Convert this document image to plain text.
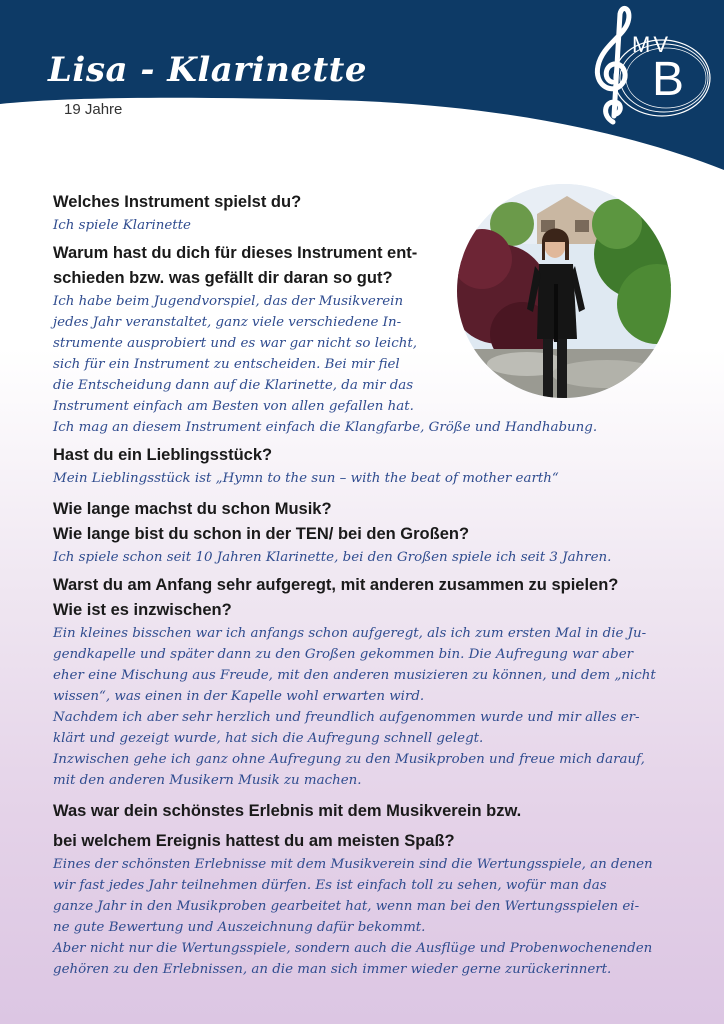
Lisa - Klarinette
19 Jahre
MV
B

Welches Instrument spielst du?

Ich spiele Klarinette

Warum hast du dich für dieses Instrument ent-

schieden bzw. was gefällt dir daran so gut?

Ich habe beim Jugendvorspiel, das der Musikverein

jedes Jahr veranstaltet, ganz viele verschiedene In-

strumente ausprobiert und es war gar nicht so leicht,

sich für ein Instrument zu entscheiden. Bei mir fiel

die Entscheidung dann auf die Klarinette, da mir das

Instrument einfach am Besten von allen gefallen hat.

Ich mag an diesem Instrument einfach die Klangfarbe, Größe und Handhabung.

Hast du ein Lieblingsstück?

Mein Lieblingsstück ist „Hymn to the sun – with the beat of mother earth“

Wie lange machst du schon Musik?

Wie lange bist du schon in der TEN/ bei den Großen?

Ich spiele schon seit 10 Jahren Klarinette, bei den Großen spiele ich seit 3 Jahren.

Warst du am Anfang sehr aufgeregt, mit anderen zusammen zu spielen?

Wie ist es inzwischen?

Ein kleines bisschen war ich anfangs schon aufgeregt, als ich zum ersten Mal in die Ju-

gendkapelle und später dann zu den Großen gekommen bin. Die Aufregung war aber

eher eine Mischung aus Freude, mit den anderen musizieren zu können, und dem „nicht

wissen“, was einen in der Kapelle wohl erwarten wird.

Nachdem ich aber sehr herzlich und freundlich aufgenommen wurde und mir alles er-

klärt und gezeigt wurde, hat sich die Aufregung schnell gelegt.

Inzwischen gehe ich ganz ohne Aufregung zu den Musikproben und freue mich darauf,

mit den anderen Musikern Musik zu machen.

Was war dein schönstes Erlebnis mit dem Musikverein bzw.

bei welchem Ereignis hattest du am meisten Spaß?

Eines der schönsten Erlebnisse mit dem Musikverein sind die Wertungsspiele, an denen

wir fast jedes Jahr teilnehmen dürfen. Es ist einfach toll zu sehen, wofür man das

ganze Jahr in den Musikproben gearbeitet hat, wenn man bei den Wertungsspielen ei-

ne gute Bewertung und Auszeichnung dafür bekommt.

Aber nicht nur die Wertungsspiele, sondern auch die Ausflüge und Probenwochenenden

gehören zu den Erlebnissen, an die man sich immer wieder gerne zurückerinnert.
